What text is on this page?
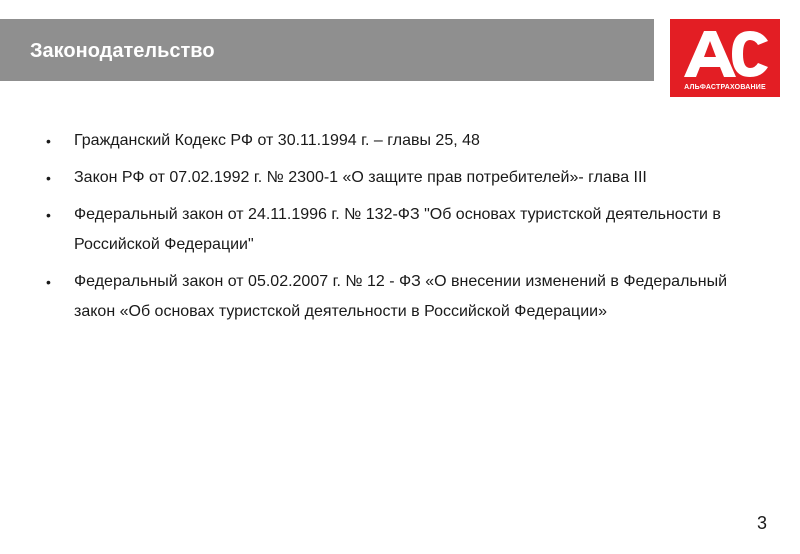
Законодательство
АЛЬФАСТРАХОВАНИЕ
• Гражданский Кодекс РФ от 30.11.1994 г. – главы 25, 48
• Закон РФ от 07.02.1992 г. № 2300-1 «О защите прав потребителей»- глава III
• Федеральный закон от 24.11.1996 г. № 132-ФЗ "Об основах туристской деятельности в Российской Федерации"
• Федеральный закон от 05.02.2007 г. № 12 - ФЗ «О внесении изменений в Федеральный закон «Об основах туристской деятельности в Российской Федерации»
3
